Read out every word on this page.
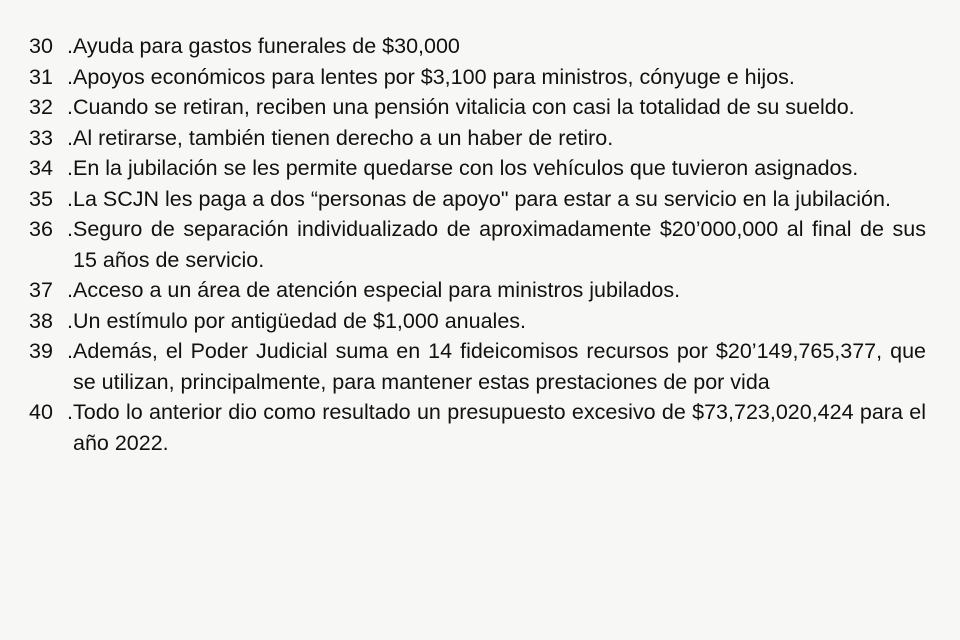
30 . Ayuda para gastos funerales de $30,000
31 . Apoyos económicos para lentes por $3,100 para ministros, cónyuge e hijos.
32 . Cuando se retiran, reciben una pensión vitalicia con casi la totalidad de su sueldo.
33 . Al retirarse, también tienen derecho a un haber de retiro.
34 . En la jubilación se les permite quedarse con los vehículos que tuvieron asignados.
35 . La SCJN les paga a dos “personas de apoyo" para estar a su servicio en la jubilación.
36 . Seguro de separación individualizado de aproximadamente $20’000,000 al final de sus 15 años de servicio.
37 . Acceso a un área de atención especial para ministros jubilados.
38 . Un estímulo por antigüedad de $1,000 anuales.
39 . Además, el Poder Judicial suma en 14 fideicomisos recursos por $20’149,765,377, que se utilizan, principalmente, para mantener estas prestaciones de por vida
40 . Todo lo anterior dio como resultado un presupuesto excesivo de $73,723,020,424 para el año 2022.
